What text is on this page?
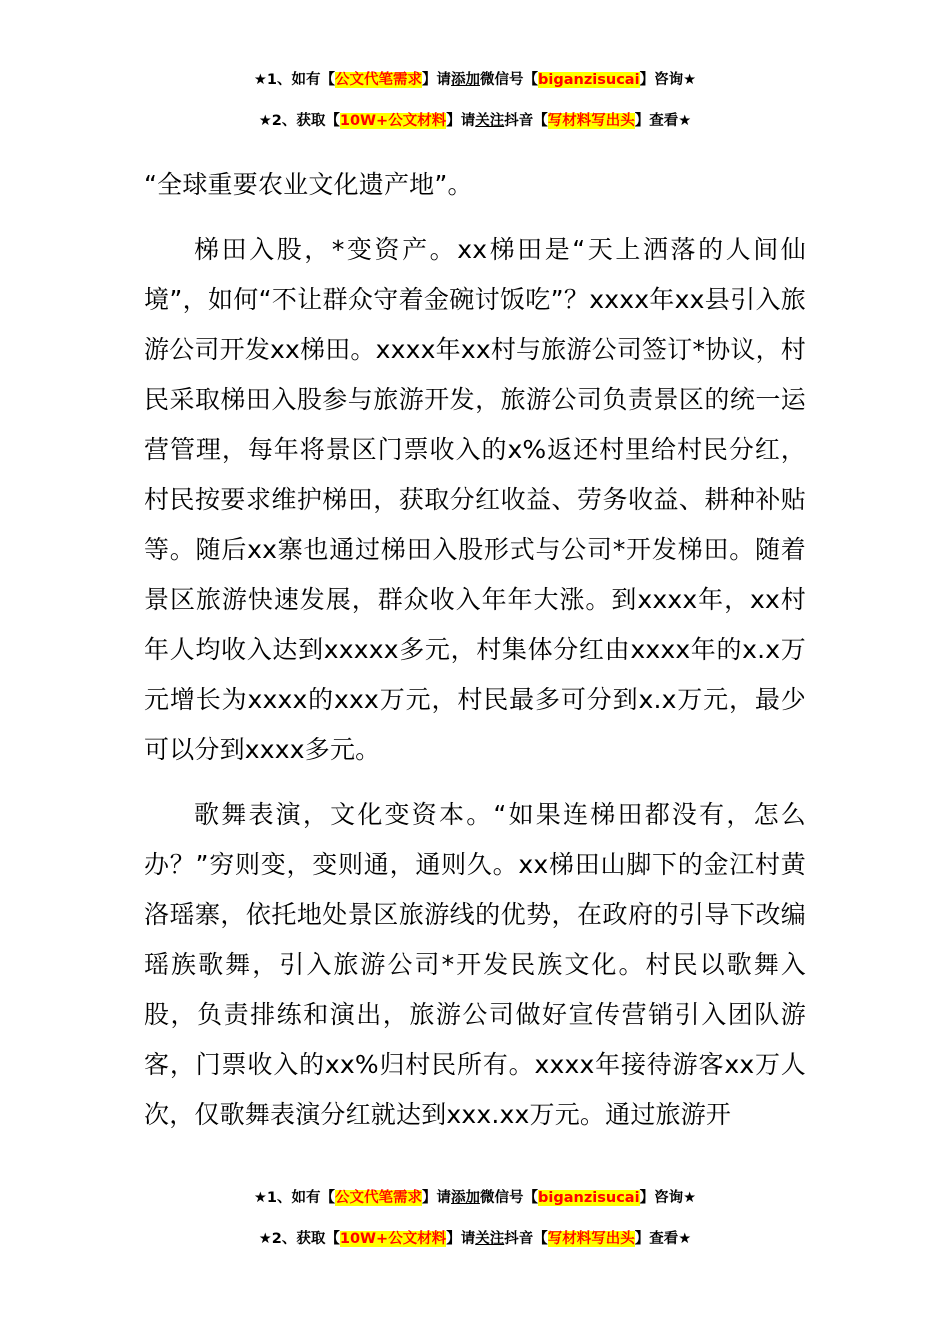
★1、如有【公文代笔需求】请添加微信号【biganzisucai】咨询★
★2、获取【10W+公文材料】请关注抖音【写材料写出头】查看★

“全球重要农业文化遗产地”。

梯田入股，*变资产。xx梯田是“天上洒落的人间仙境”，如何“不让群众守着金碗讨饭吃”？xxxx年xx县引入旅游公司开发xx梯田。xxxx年xx村与旅游公司签订*协议，村民采取梯田入股参与旅游开发，旅游公司负责景区的统一运营管理，每年将景区门票收入的x%返还村里给村民分红，村民按要求维护梯田，获取分红收益、劳务收益、耕种补贴等。随后xx寨也通过梯田入股形式与公司*开发梯田。随着景区旅游快速发展，群众收入年年大涨。到xxxx年，xx村年人均收入达到xxxxx多元，村集体分红由xxxx年的x.x万元增长为xxxx的xxx万元，村民最多可分到x.x万元，最少可以分到xxxx多元。

歌舞表演，文化变资本。“如果连梯田都没有，怎么办？”穷则变，变则通，通则久。xx梯田山脚下的金江村黄洛瑶寨，依托地处景区旅游线的优势，在政府的引导下改编瑶族歌舞，引入旅游公司*开发民族文化。村民以歌舞入股，负责排练和演出，旅游公司做好宣传营销引入团队游客，门票收入的xx%归村民所有。xxxx年接待游客xx万人次，仅歌舞表演分红就达到xxx.xx万元。通过旅游开

★1、如有【公文代笔需求】请添加微信号【biganzisucai】咨询★
★2、获取【10W+公文材料】请关注抖音【写材料写出头】查看★
